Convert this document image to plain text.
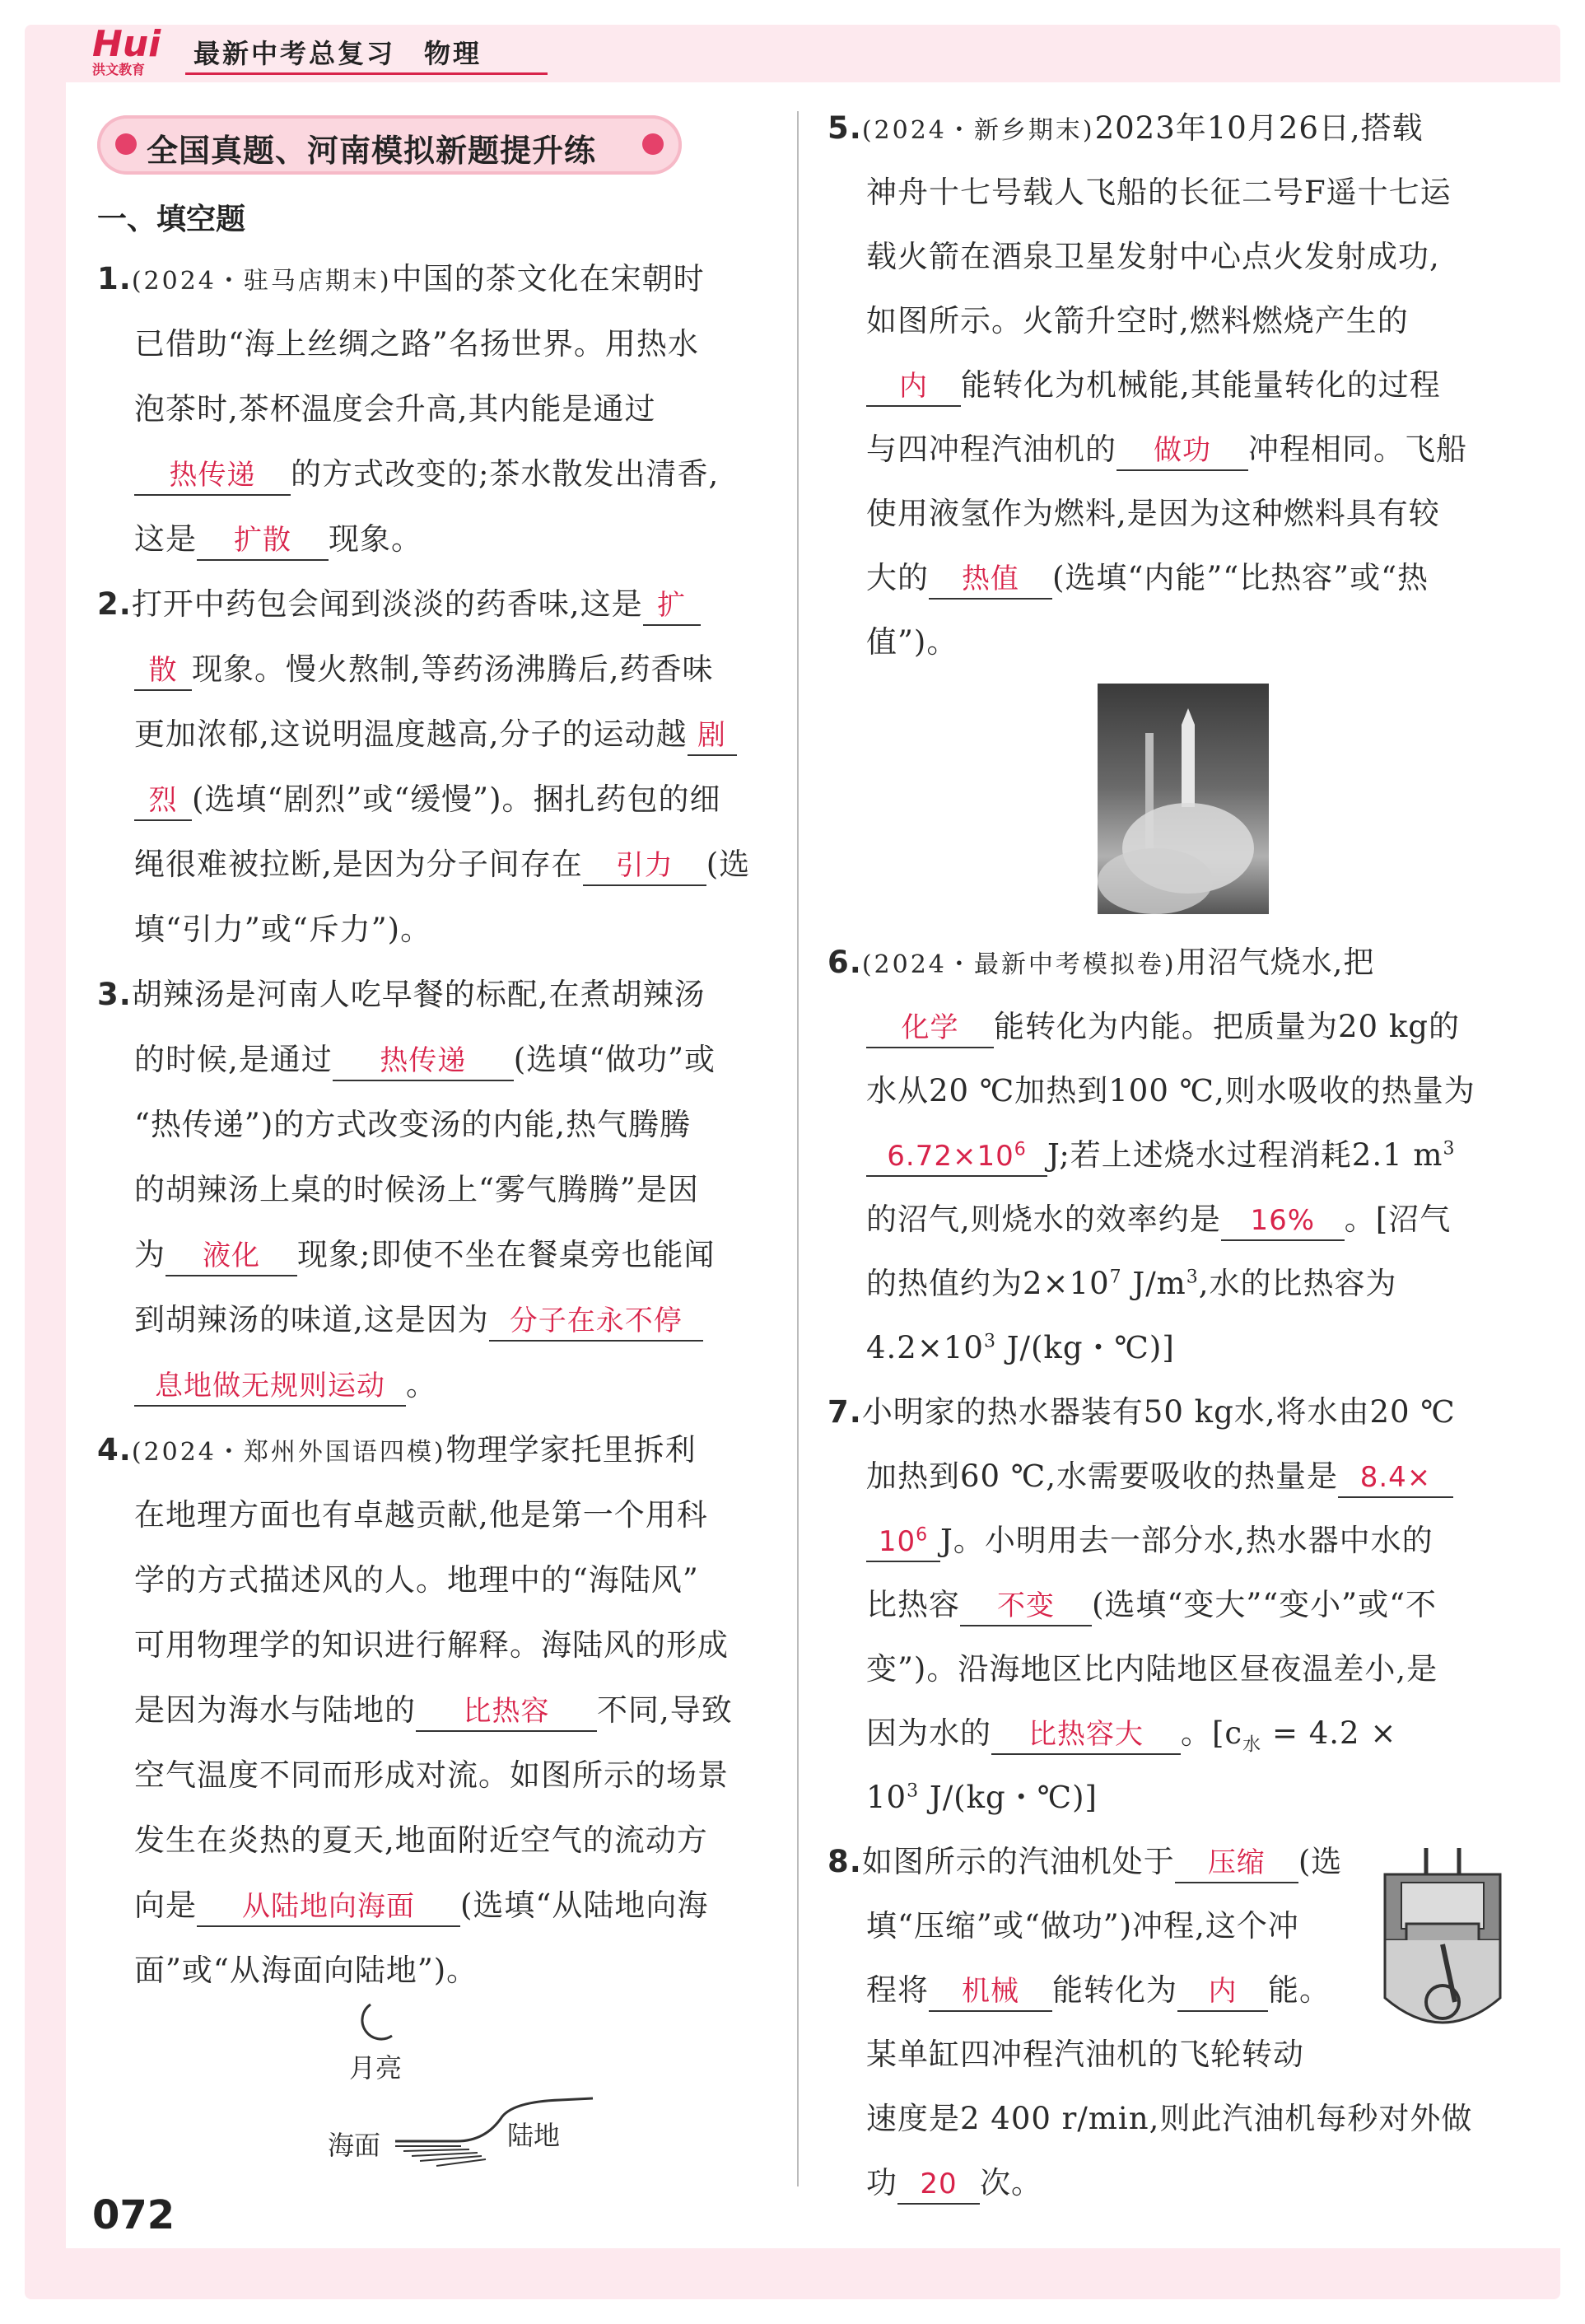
Hui
洪文教育
最新中考总复习　物理
全国真题、河南模拟新题提升练
一、填空题
1.(2024・驻马店期末)中国的茶文化在宋朝时
已借助“海上丝绸之路”名扬世界。用热水
泡茶时,茶杯温度会升高,其内能是通过
热传递 的方式改变的;茶水散发出清香,
这是 扩散 现象。
2.打开中药包会闻到淡淡的药香味,这是 扩
散 现象。慢火熬制,等药汤沸腾后,药香味
更加浓郁,这说明温度越高,分子的运动越 剧
烈 (选填“剧烈”或“缓慢”)。捆扎药包的细
绳很难被拉断,是因为分子间存在 引力 (选
填“引力”或“斥力”)。
3.胡辣汤是河南人吃早餐的标配,在煮胡辣汤
的时候,是通过 热传递 (选填“做功”或
“热传递”)的方式改变汤的内能,热气腾腾
的胡辣汤上桌的时候汤上“雾气腾腾”是因
为 液化 现象;即使不坐在餐桌旁也能闻
到胡辣汤的味道,这是因为 分子在永不停
息地做无规则运动 。
4.(2024・郑州外国语四模)物理学家托里拆利
在地理方面也有卓越贡献,他是第一个用科
学的方式描述风的人。地理中的“海陆风”
可用物理学的知识进行解释。海陆风的形成
是因为海水与陆地的 比热容 不同,导致
空气温度不同而形成对流。如图所示的场景
发生在炎热的夏天,地面附近空气的流动方
向是 从陆地向海面 (选填“从陆地向海
面”或“从海面向陆地”)。
月亮
海面	陆地
072
5.(2024・新乡期末)2023年10月26日,搭载
神舟十七号载人飞船的长征二号F遥十七运
载火箭在酒泉卫星发射中心点火发射成功,
如图所示。火箭升空时,燃料燃烧产生的
内 能转化为机械能,其能量转化的过程
与四冲程汽油机的 做功 冲程相同。飞船
使用液氢作为燃料,是因为这种燃料具有较
大的 热值 (选填“内能”“比热容”或“热
值”)。
6.(2024・最新中考模拟卷)用沼气烧水,把
化学 能转化为内能。把质量为20 kg的
水从20 ℃加热到100 ℃,则水吸收的热量为
$6.72\times 10^6$ J;若上述烧水过程消耗2.1 $m^3$
的沼气,则烧水的效率约是 16% 。[沼气
的热值约为$2\times 10^7$ $J/m^3$,水的比热容为
$4.2\times 10^3$ J/(kg・℃)]
7.小明家的热水器装有50 kg水,将水由20 ℃
加热到60 ℃,水需要吸收的热量是 8.4×
$10^6$ J。小明用去一部分水,热水器中水的
比热容 不变 (选填“变大”“变小”或“不
变”)。沿海地区比内陆地区昼夜温差小,是
因为水的 比热容大 。[$c_水 = 4.2$ ×
$10^3$ J/(kg・℃)]
8.如图所示的汽油机处于 压缩 (选
填“压缩”或“做功”)冲程,这个冲
程将 机械 能转化为 内 能。
某单缸四冲程汽油机的飞轮转动
速度是2 400 r/min,则此汽油机每秒对外做
功 20 次。
